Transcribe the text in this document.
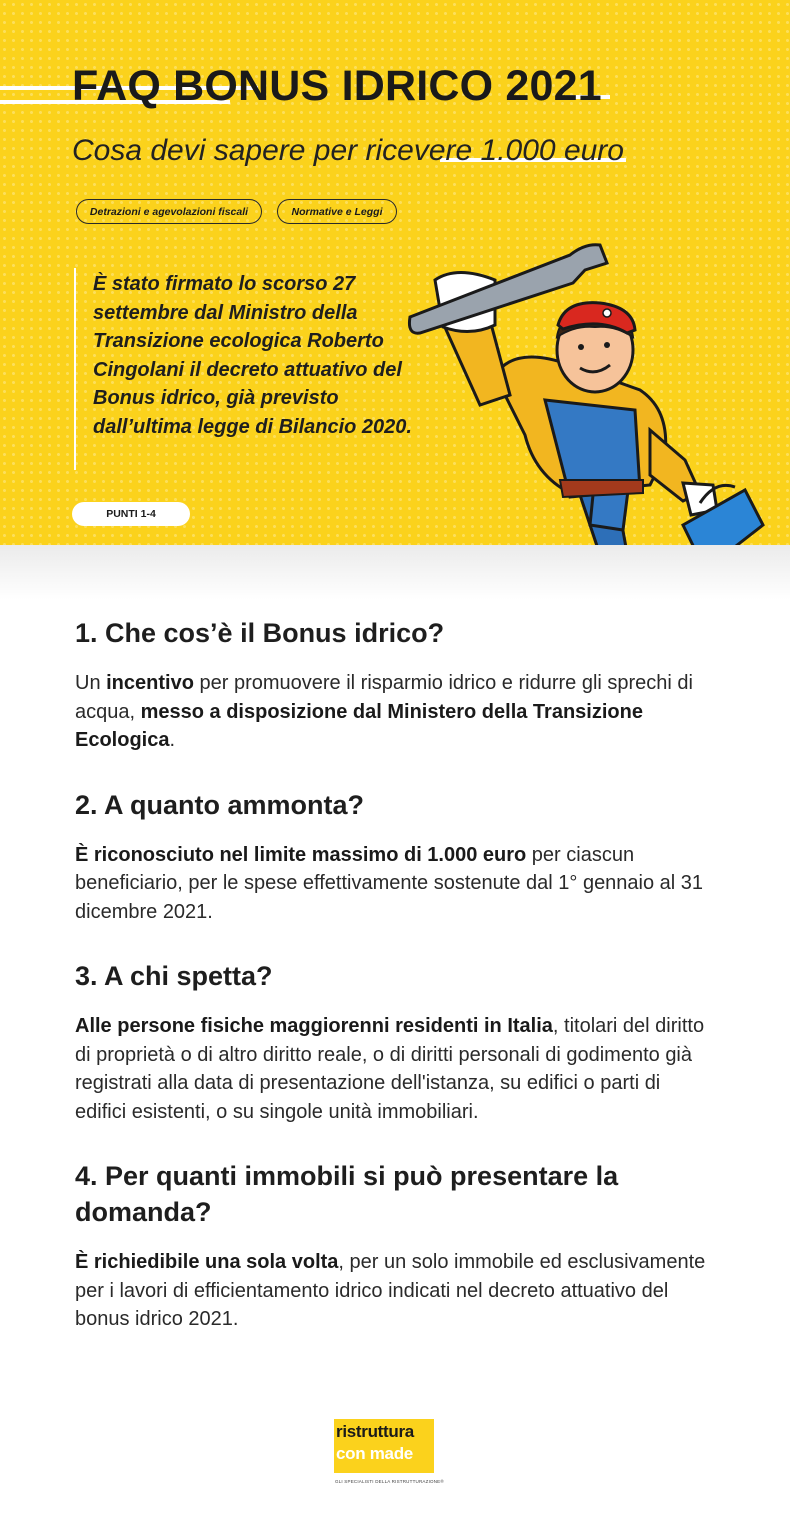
FAQ BONUS IDRICO 2021
Cosa devi sapere per ricevere 1.000 euro
Detrazioni e agevolazioni fiscali	Normative e Leggi

È stato firmato lo scorso 27 settembre dal Ministro della Transizione ecologica Roberto Cingolani il decreto attuativo del Bonus idrico, già previsto dall’ultima legge di Bilancio 2020.

PUNTI 1-4
1. Che cos’è il Bonus idrico?

Un incentivo per promuovere il risparmio idrico e ridurre gli sprechi di acqua, messo a disposizione dal Ministero della Transizione Ecologica.

2. A quanto ammonta?

È riconosciuto nel limite massimo di 1.000 euro per ciascun beneficiario, per le spese effettivamente sostenute dal 1° gennaio al 31 dicembre 2021.

3. A chi spetta?

Alle persone fisiche maggiorenni residenti in Italia, titolari del diritto di proprietà o di altro diritto reale, o di diritti personali di godimento già registrati alla data di presentazione dell'istanza, su edifici o parti di edifici esistenti, o su singole unità immobiliari.

4. Per quanti immobili si può presentare la domanda?

È richiedibile una sola volta, per un solo immobile ed esclusivamente per i lavori di efficientamento idrico indicati nel decreto attuativo del bonus idrico 2021.

ristruttura
con made.it
GLI SPECIALISTI DELLA RISTRUTTURAZIONE®
